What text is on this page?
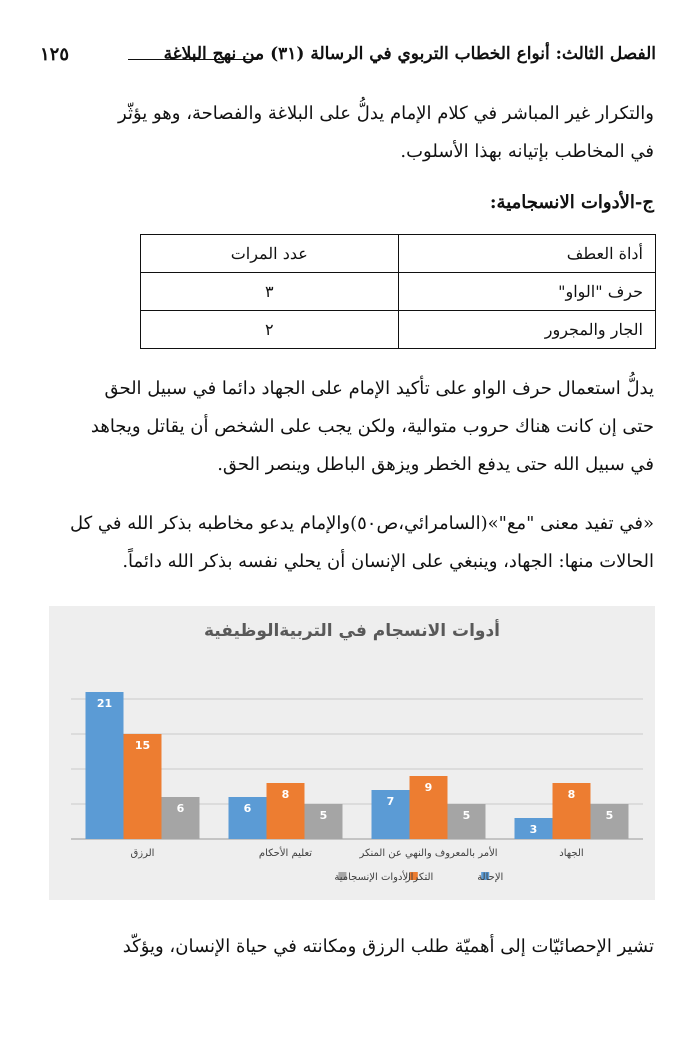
الفصل الثالث: أنواع الخطاب التربوي في الرسالة (٣١) من نهج البلاغة
١٢٥
والتكرار غير المباشر في كلام الإمام يدلُّ على البلاغة والفصاحة، وهو يؤثّر
في المخاطب بإتيانه بهذا الأسلوب.
ج-الأدوات الانسجامية:
أداة العطف	عدد المرات
حرف "الواو"	٣
الجار والمجرور	٢
يدلُّ استعمال حرف الواو على تأكيد الإمام على الجهاد دائما في سبيل الحق
حتى إن كانت هناك حروب متوالية، ولكن يجب على الشخص أن يقاتل ويجاهد
في سبيل الله حتى يدفع الخطر ويزهق الباطل وينصر الحق.
«في تفيد معنى "مع"»(السامرائي،ص٥٠)والإمام يدعو مخاطبه بذكر الله في كل
الحالات منها: الجهاد، وينبغي على الإنسان أن يحلي نفسه بذكر الله دائماً.
أدوات الانسجام في التربيةالوظيفية
21
15
6
الرزق
6
8
5
تعليم الأحكام
7
9
5
الأمر بالمعروف والنهي عن المنكر
3
8
5
الجهاد
الإحالة
التكرار
الأدوات الإنسجامية
تشير الإحصائيّات إلى أهميّة طلب الرزق ومكانته في حياة الإنسان، ويؤكّد
